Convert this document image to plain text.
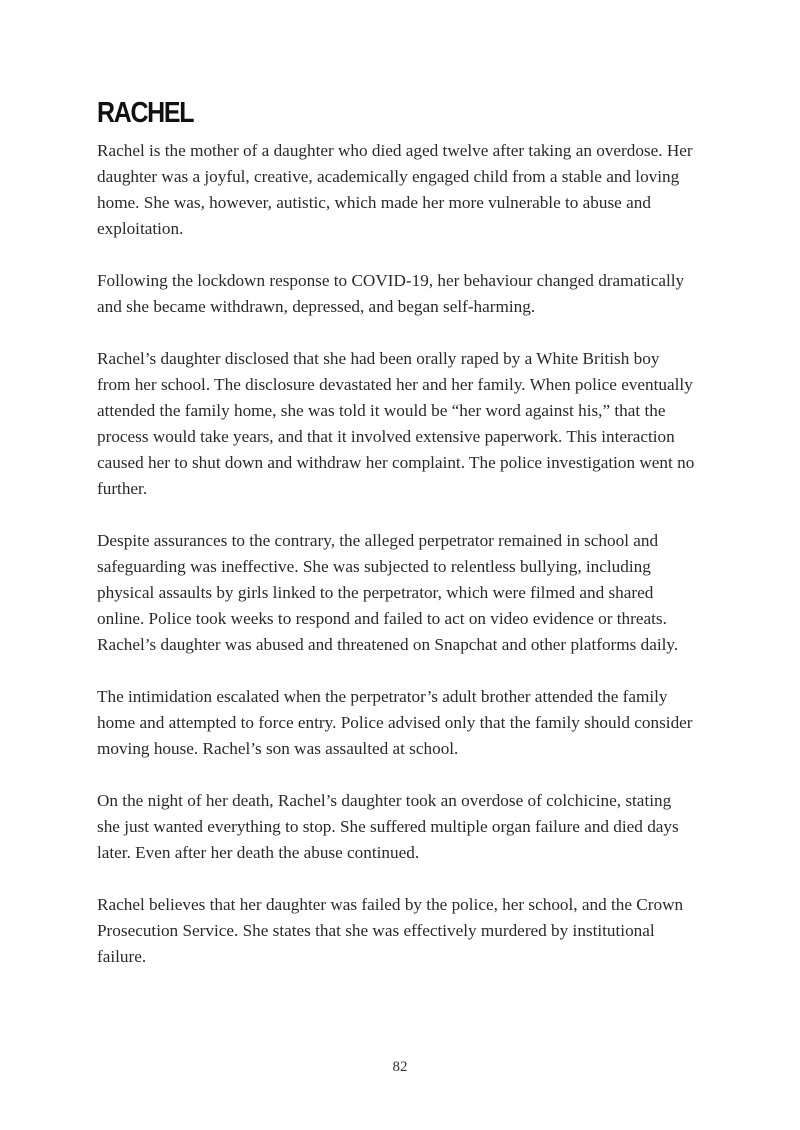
RACHEL

Rachel is the mother of a daughter who died aged twelve after taking an overdose. Her daughter was a joyful, creative, academically engaged child from a stable and loving home. She was, however, autistic, which made her more vulnerable to abuse and exploitation.

Following the lockdown response to COVID-19, her behaviour changed dramatically and she became withdrawn, depressed, and began self-harming.

Rachel’s daughter disclosed that she had been orally raped by a White British boy from her school. The disclosure devastated her and her family. When police eventually attended the family home, she was told it would be “her word against his,” that the process would take years, and that it involved extensive paperwork. This interaction caused her to shut down and withdraw her complaint. The police investigation went no further.

Despite assurances to the contrary, the alleged perpetrator remained in school and safeguarding was ineffective. She was subjected to relentless bullying, including physical assaults by girls linked to the perpetrator, which were filmed and shared online. Police took weeks to respond and failed to act on video evidence or threats. Rachel’s daughter was abused and threatened on Snapchat and other platforms daily.

The intimidation escalated when the perpetrator’s adult brother attended the family home and attempted to force entry. Police advised only that the family should consider moving house. Rachel’s son was assaulted at school.

On the night of her death, Rachel’s daughter took an overdose of colchicine, stating she just wanted everything to stop. She suffered multiple organ failure and died days later. Even after her death the abuse continued.

Rachel believes that her daughter was failed by the police, her school, and the Crown Prosecution Service. She states that she was effectively murdered by institutional failure.

82
